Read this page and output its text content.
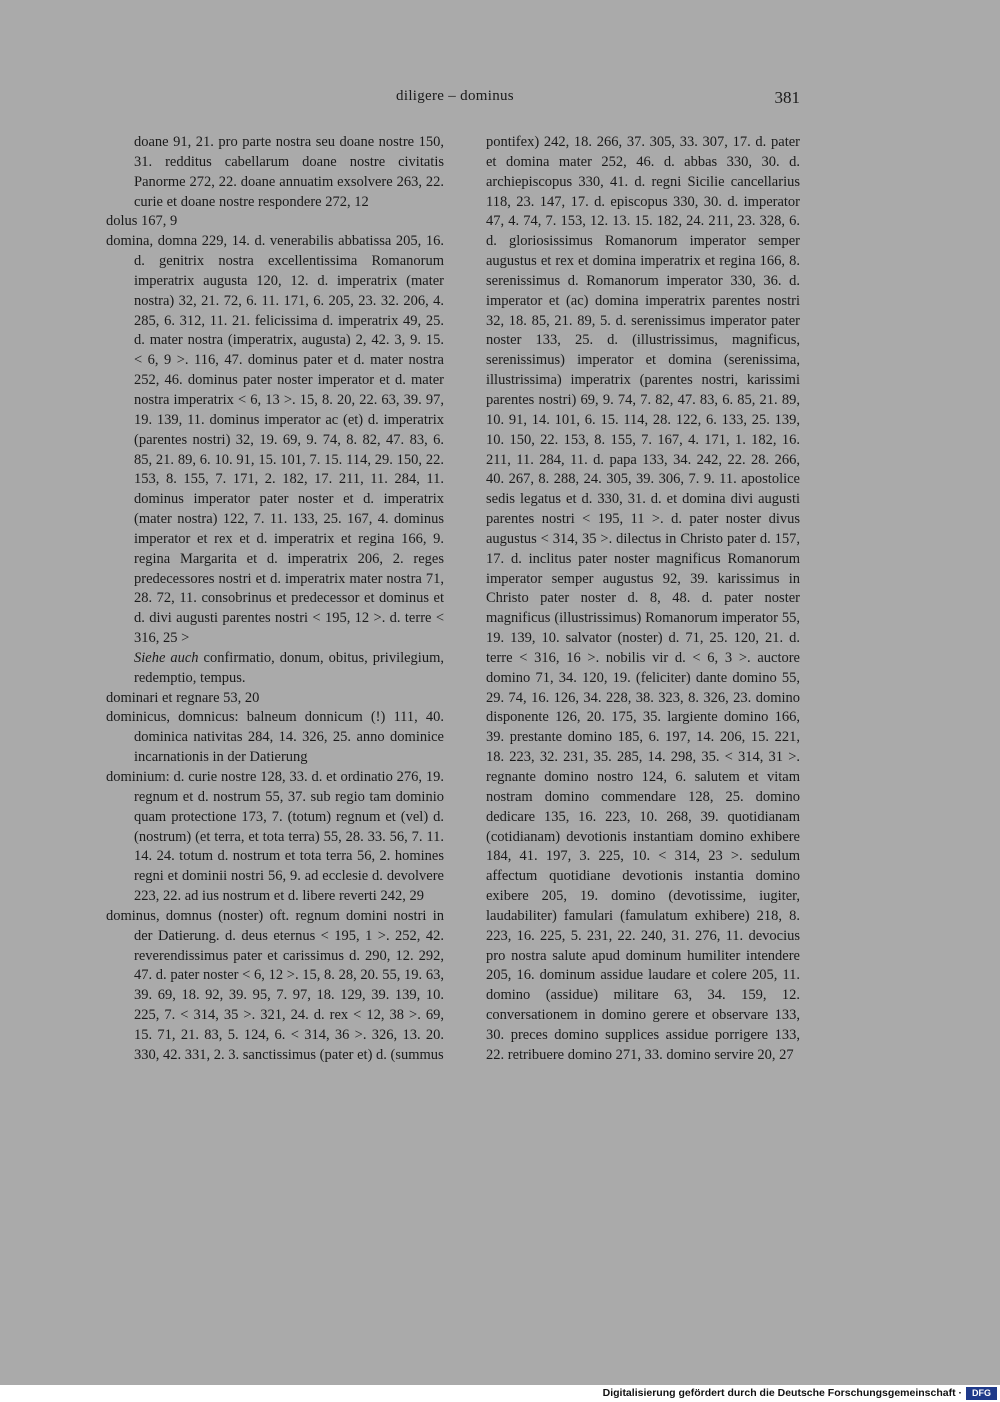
diligere – dominus	381

doane 91, 21. pro parte nostra seu doane nostre 150, 31. redditus cabellarum doane nostre civitatis Panorme 272, 22. doane annuatim exsolvere 263, 22. curie et doane nostre respondere 272, 12

dolus 167, 9

domina, domna 229, 14. d. venerabilis abbatissa 205, 16. d. genitrix nostra excellentissima Romanorum imperatrix augusta 120, 12. d. imperatrix (mater nostra) 32, 21. 72, 6. 11. 171, 6. 205, 23. 32. 206, 4. 285, 6. 312, 11. 21. felicissima d. imperatrix 49, 25. d. mater nostra (imperatrix, augusta) 2, 42. 3, 9. 15. < 6, 9 >. 116, 47. dominus pater et d. mater nostra 252, 46. dominus pater noster imperator et d. mater nostra imperatrix < 6, 13 >. 15, 8. 20, 22. 63, 39. 97, 19. 139, 11. dominus imperator ac (et) d. imperatrix (parentes nostri) 32, 19. 69, 9. 74, 8. 82, 47. 83, 6. 85, 21. 89, 6. 10. 91, 15. 101, 7. 15. 114, 29. 150, 22. 153, 8. 155, 7. 171, 2. 182, 17. 211, 11. 284, 11. dominus imperator pater noster et d. imperatrix (mater nostra) 122, 7. 11. 133, 25. 167, 4. dominus imperator et rex et d. imperatrix et regina 166, 9. regina Margarita et d. imperatrix 206, 2. reges predecessores nostri et d. imperatrix mater nostra 71, 28. 72, 11. consobrinus et predecessor et dominus et d. divi augusti parentes nostri < 195, 12 >. d. terre < 316, 25 >

Siehe auch confirmatio, donum, obitus, privilegium, redemptio, tempus.

dominari et regnare 53, 20

dominicus, domnicus: balneum donnicum (!) 111, 40. dominica nativitas 284, 14. 326, 25. anno dominice incarnationis in der Datierung

dominium: d. curie nostre 128, 33. d. et ordinatio 276, 19. regnum et d. nostrum 55, 37. sub regio tam dominio quam protectione 173, 7. (totum) regnum et (vel) d. (nostrum) (et terra, et tota terra) 55, 28. 33. 56, 7. 11. 14. 24. totum d. nostrum et tota terra 56, 2. homines regni et dominii nostri 56, 9. ad ecclesie d. devolvere 223, 22. ad ius nostrum et d. libere reverti 242, 29

dominus, domnus (noster) oft. regnum domini nostri in der Datierung. d. deus eternus < 195, 1 >. 252, 42. reverendissimus pater et carissimus d. 290, 12. 292, 47. d. pater noster < 6, 12 >. 15, 8. 28, 20. 55, 19. 63, 39. 69, 18. 92, 39. 95, 7. 97, 18. 129, 39. 139, 10. 225, 7. < 314, 35 >. 321, 24. d. rex < 12, 38 >. 69, 15. 71, 21. 83, 5. 124, 6. < 314, 36 >. 326, 13. 20. 330, 42. 331, 2. 3. sanctissimus (pater et) d. (summus

pontifex) 242, 18. 266, 37. 305, 33. 307, 17. d. pater et domina mater 252, 46. d. abbas 330, 30. d. archiepiscopus 330, 41. d. regni Sicilie cancellarius 118, 23. 147, 17. d. episcopus 330, 30. d. imperator 47, 4. 74, 7. 153, 12. 13. 15. 182, 24. 211, 23. 328, 6. d. gloriosissimus Romanorum imperator semper augustus et rex et domina imperatrix et regina 166, 8. serenissimus d. Romanorum imperator 330, 36. d. imperator et (ac) domina imperatrix parentes nostri 32, 18. 85, 21. 89, 5. d. serenissimus imperator pater noster 133, 25. d. (illustrissimus, magnificus, serenissimus) imperator et domina (serenissima, illustrissima) imperatrix (parentes nostri, karissimi parentes nostri) 69, 9. 74, 7. 82, 47. 83, 6. 85, 21. 89, 10. 91, 14. 101, 6. 15. 114, 28. 122, 6. 133, 25. 139, 10. 150, 22. 153, 8. 155, 7. 167, 4. 171, 1. 182, 16. 211, 11. 284, 11. d. papa 133, 34. 242, 22. 28. 266, 40. 267, 8. 288, 24. 305, 39. 306, 7. 9. 11. apostolice sedis legatus et d. 330, 31. d. et domina divi augusti parentes nostri < 195, 11 >. d. pater noster divus augustus < 314, 35 >. dilectus in Christo pater d. 157, 17. d. inclitus pater noster magnificus Romanorum imperator semper augustus 92, 39. karissimus in Christo pater noster d. 8, 48. d. pater noster magnificus (illustrissimus) Romanorum imperator 55, 19. 139, 10. salvator (noster) d. 71, 25. 120, 21. d. terre < 316, 16 >. nobilis vir d. < 6, 3 >. auctore domino 71, 34. 120, 19. (feliciter) dante domino 55, 29. 74, 16. 126, 34. 228, 38. 323, 8. 326, 23. domino disponente 126, 20. 175, 35. largiente domino 166, 39. prestante domino 185, 6. 197, 14. 206, 15. 221, 18. 223, 32. 231, 35. 285, 14. 298, 35. < 314, 31 >. regnante domino nostro 124, 6. salutem et vitam nostram domino commendare 128, 25. domino dedicare 135, 16. 223, 10. 268, 39. quotidianam (cotidianam) devotionis instantiam domino exhibere 184, 41. 197, 3. 225, 10. < 314, 23 >. sedulum affectum quotidiane devotionis instantia domino exibere 205, 19. domino (devotissime, iugiter, laudabiliter) famulari (famulatum exhibere) 218, 8. 223, 16. 225, 5. 231, 22. 240, 31. 276, 11. devocius pro nostra salute apud dominum humiliter intendere 205, 16. dominum assidue laudare et colere 205, 11. domino (assidue) militare 63, 34. 159, 12. conversationem in domino gerere et observare 133, 30. preces domino supplices assidue porrigere 133, 22. retribuere domino 271, 33. domino servire 20, 27

Digitalisierung gefördert durch die Deutsche Forschungsgemeinschaft ·	DFG
